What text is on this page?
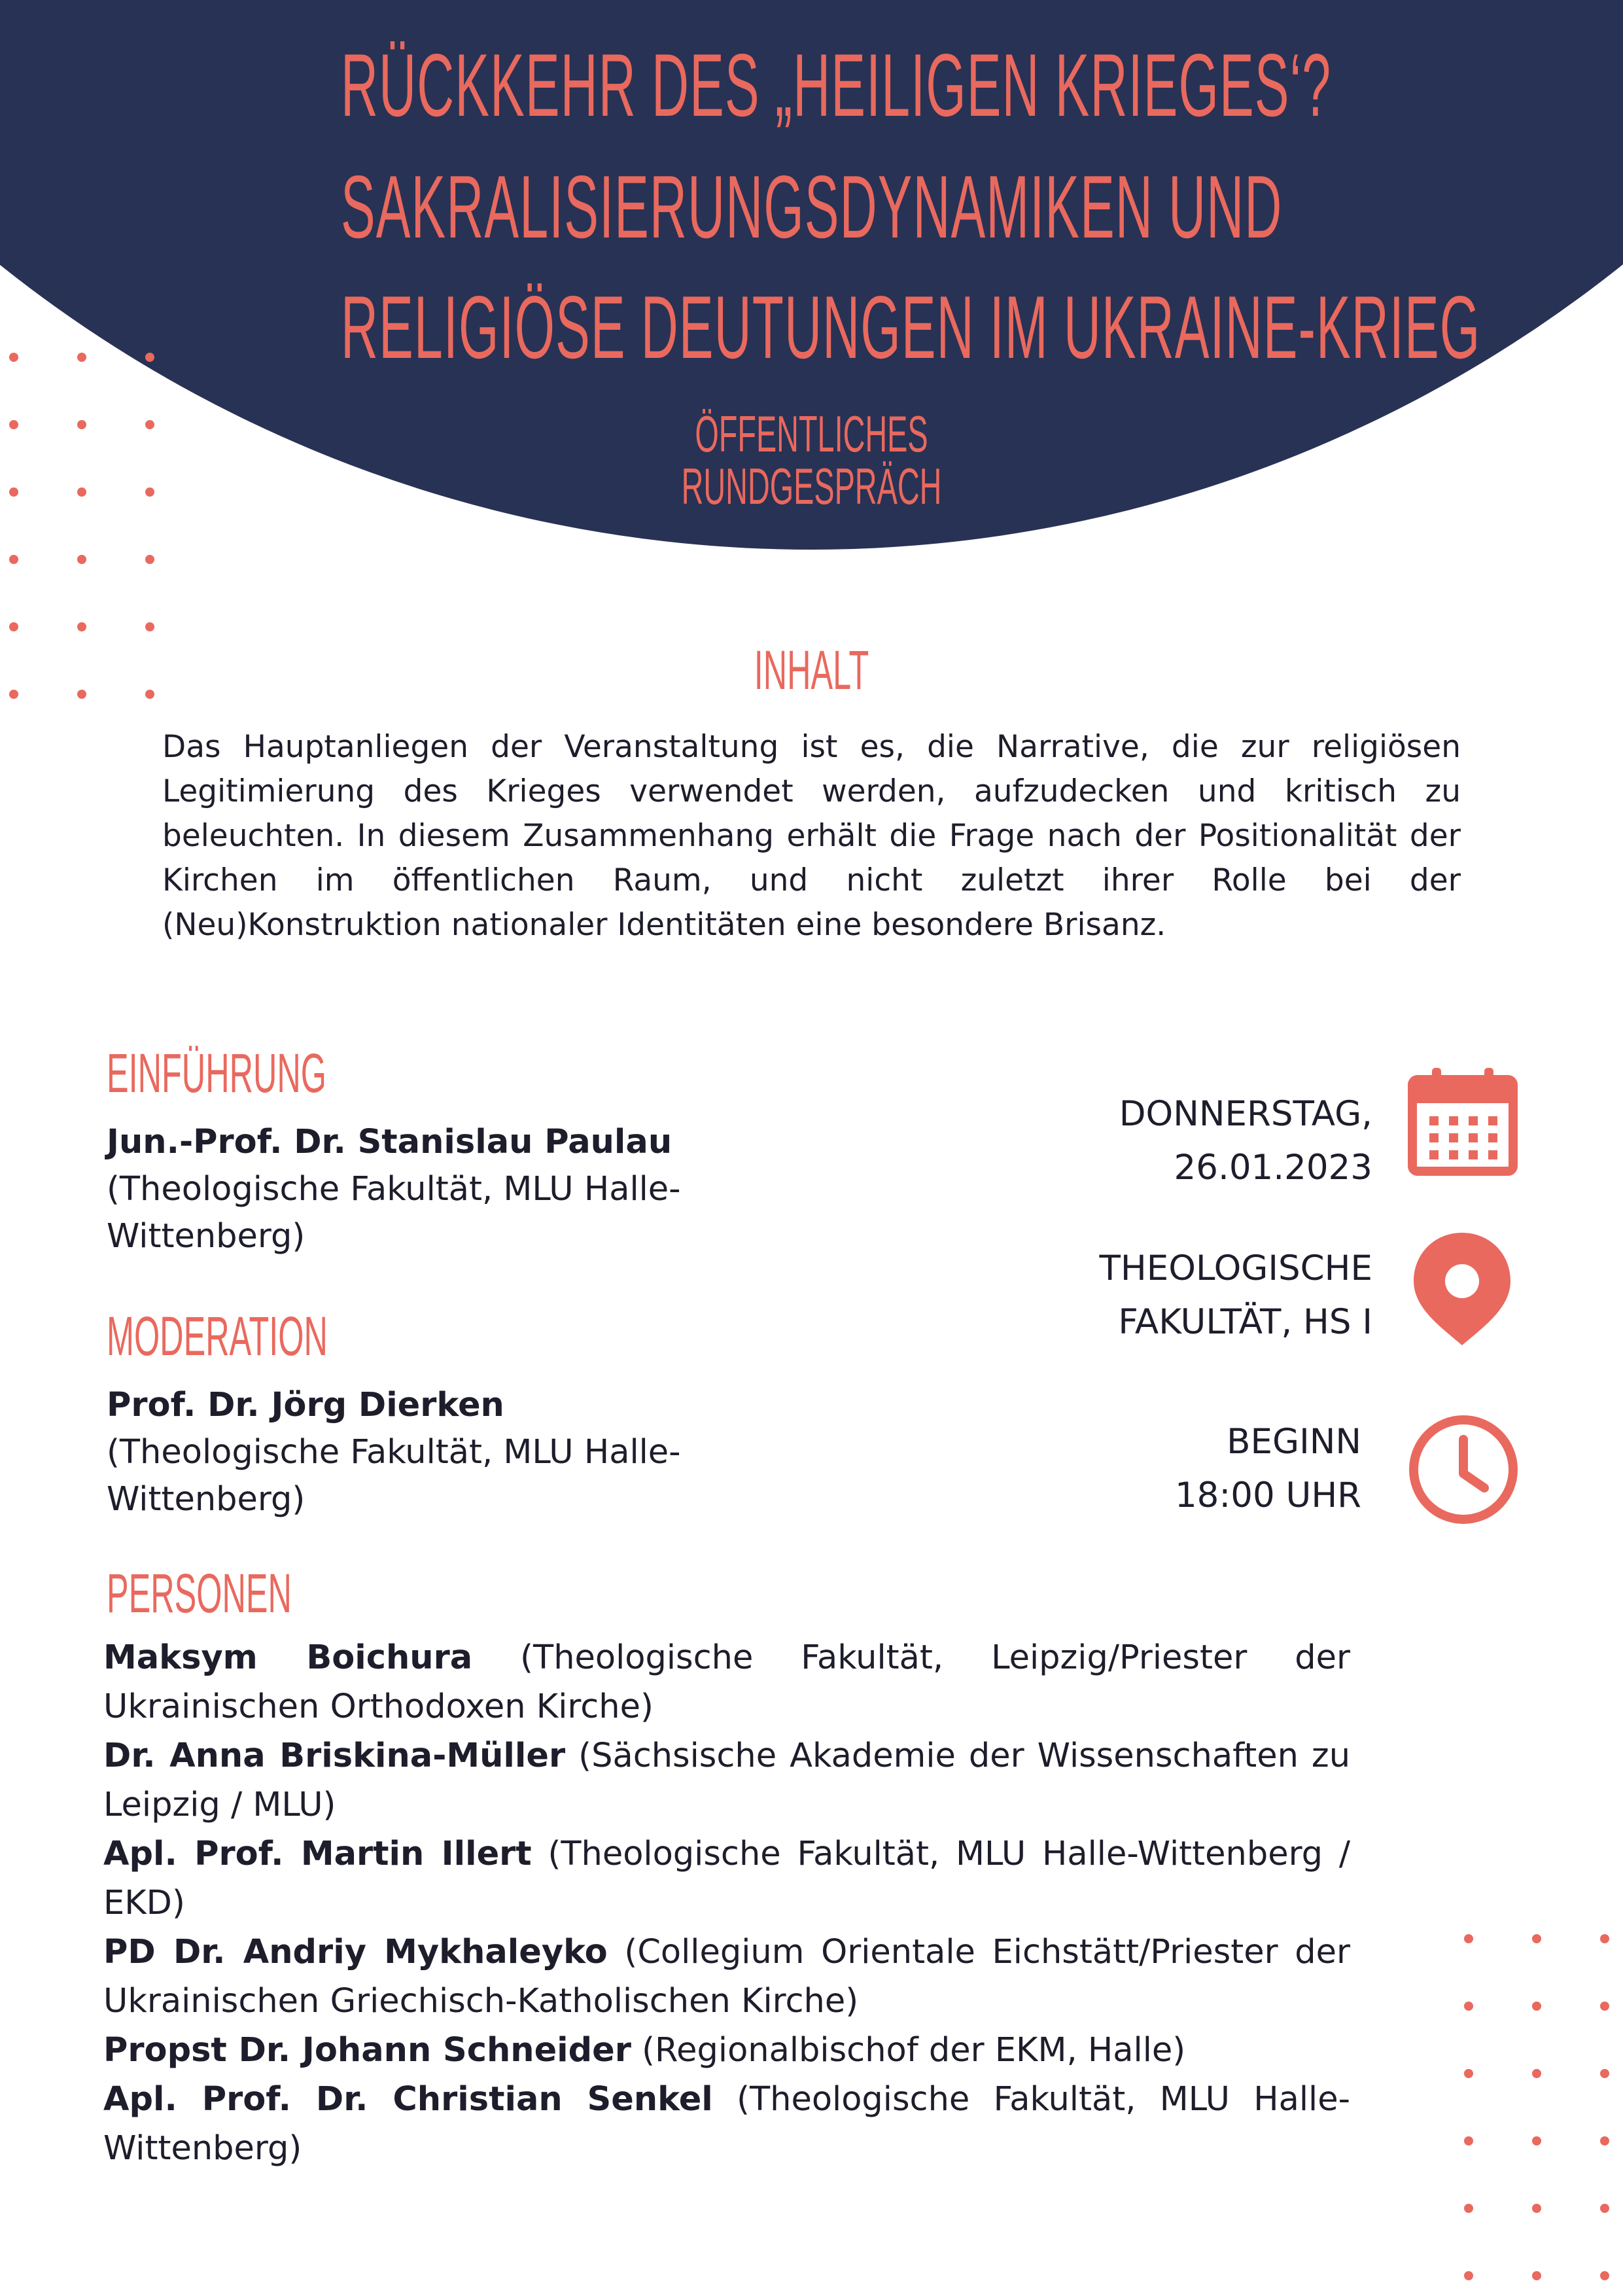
RÜCKKEHR DES „HEILIGEN KRIEGES‘?
SAKRALISIERUNGSDYNAMIKEN UND
RELIGIÖSE DEUTUNGEN IM UKRAINE-KRIEG
ÖFFENTLICHES
RUNDGESPRÄCH
INHALT

Das Hauptanliegen der Veranstaltung ist es, die Narrative, die zur religiösen Legitimierung des Krieges verwendet werden, aufzudecken und kritisch zu beleuchten. In diesem Zusammenhang erhält die Frage nach der Positionalität der Kirchen im öffentlichen Raum, und nicht zuletzt ihrer Rolle bei der (Neu)Konstruktion nationaler Identitäten eine besondere Brisanz.

EINFÜHRUNG

Jun.-Prof. Dr. Stanislau Paulau

(Theologische Fakultät, MLU Halle-Wittenberg)

MODERATION

Prof. Dr. Jörg Dierken

(Theologische Fakultät, MLU Halle-Wittenberg)

DONNERSTAG,
26.01.2023

THEOLOGISCHE
FAKULTÄT, HS I

BEGINN
18:00 UHR

PERSONEN
Maksym Boichura (Theologische Fakultät, Leipzig/Priester der Ukrainischen Orthodoxen Kirche)
Dr. Anna Briskina-Müller (Sächsische Akademie der Wissenschaften zu Leipzig / MLU)
Apl. Prof. Martin Illert (Theologische Fakultät, MLU Halle-Wittenberg / EKD)
PD Dr. Andriy Mykhaleyko (Collegium Orientale Eichstätt/Priester der Ukrainischen Griechisch-Katholischen Kirche)
Propst Dr. Johann Schneider (Regionalbischof der EKM, Halle)
Apl. Prof. Dr. Christian Senkel (Theologische Fakultät, MLU Halle-Wittenberg)
